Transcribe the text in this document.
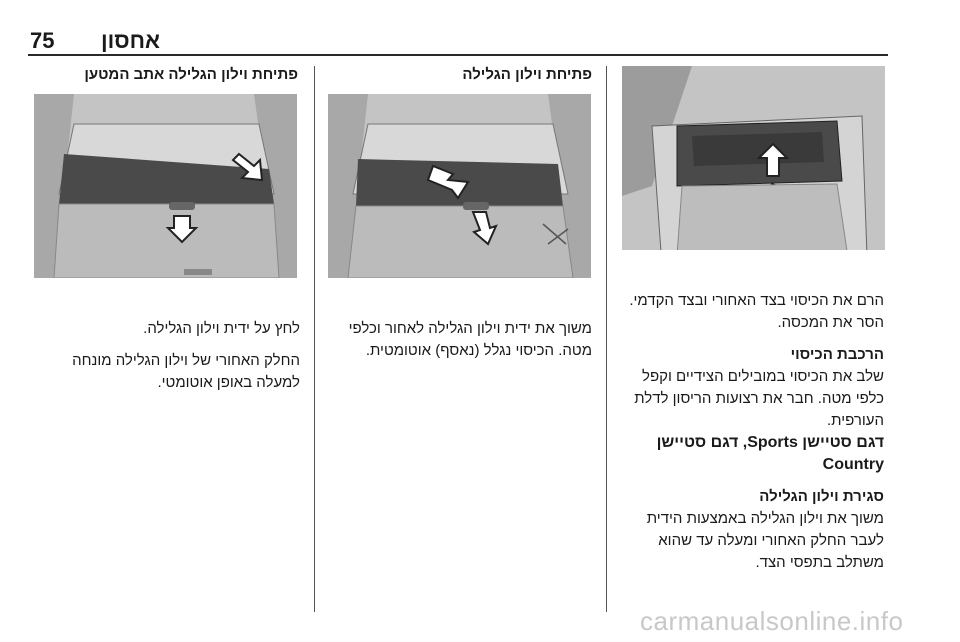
75	אחסון
פתיחת וילון הגלילה אתב המטען

לחץ על ידית וילון הגלילה.

החלק האחורי של וילון הגלילה מונחה למעלה באופן אוטומטי.

פתיחת וילון הגלילה

משוך את ידית וילון הגלילה לאחור וכלפי מטה. הכיסוי נגלל (נאסף) אוטומטית.

הרם את הכיסוי בצד האחורי ובצד הקדמי.
הסר את המכסה.
הרכבת הכיסוי
שלב את הכיסוי במובילים הצידיים וקפל כלפי מטה. חבר את רצועות הריסון לדלת העורפית.
דגם סטיישן Sports, דגם סטיישן
Country
סגירת וילון הגלילה
משוך את וילון הגלילה באמצעות הידית לעבר החלק האחורי ומעלה עד שהוא משתלב בתפסי הצד.
carmanualsonline.info
